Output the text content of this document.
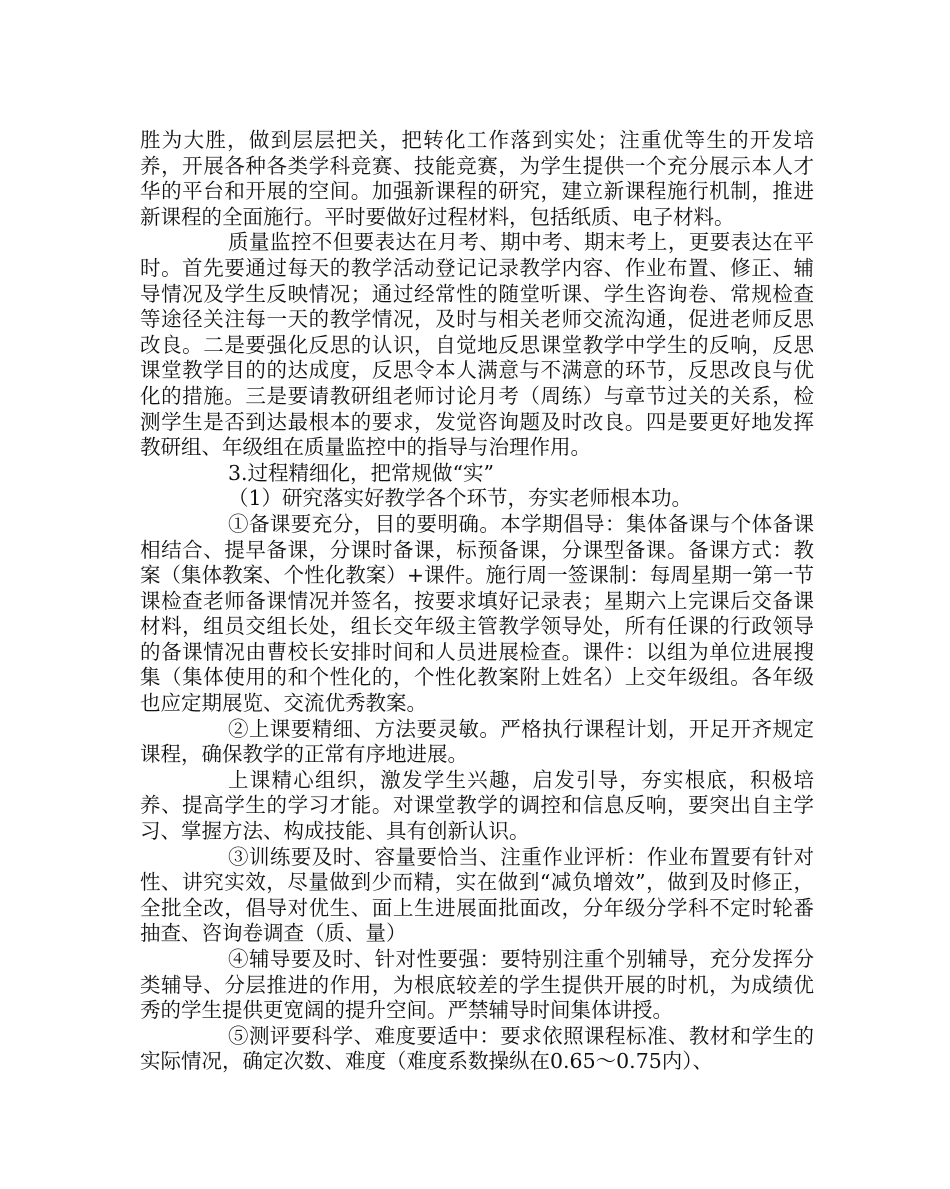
胜为大胜，做到层层把关，把转化工作落到实处；注重优等生的开发培养，开展各种各类学科竞赛、技能竞赛，为学生提供一个充分展示本人才华的平台和开展的空间。加强新课程的研究，建立新课程施行机制，推进新课程的全面施行。平时要做好过程材料，包括纸质、电子材料。

质量监控不但要表达在月考、期中考、期末考上，更要表达在平时。首先要通过每天的教学活动登记记录教学内容、作业布置、修正、辅导情况及学生反映情况；通过经常性的随堂听课、学生咨询卷、常规检查等途径关注每一天的教学情况，及时与相关老师交流沟通，促进老师反思改良。二是要强化反思的认识，自觉地反思课堂教学中学生的反响，反思课堂教学目的的达成度，反思令本人满意与不满意的环节，反思改良与优化的措施。三是要请教研组老师讨论月考（周练）与章节过关的关系，检测学生是否到达最根本的要求，发觉咨询题及时改良。四是要更好地发挥教研组、年级组在质量监控中的指导与治理作用。

3.过程精细化，把常规做“实”

（1）研究落实好教学各个环节，夯实老师根本功。

①备课要充分，目的要明确。本学期倡导：集体备课与个体备课相结合、提早备课，分课时备课，标预备课，分课型备课。备课方式：教案（集体教案、个性化教案）+课件。施行周一签课制：每周星期一第一节课检查老师备课情况并签名，按要求填好记录表；星期六上完课后交备课材料，组员交组长处，组长交年级主管教学领导处，所有任课的行政领导的备课情况由曹校长安排时间和人员进展检查。课件：以组为单位进展搜集（集体使用的和个性化的，个性化教案附上姓名）上交年级组。各年级也应定期展览、交流优秀教案。

②上课要精细、方法要灵敏。严格执行课程计划，开足开齐规定课程，确保教学的正常有序地进展。

上课精心组织，激发学生兴趣，启发引导，夯实根底，积极培养、提高学生的学习才能。对课堂教学的调控和信息反响，要突出自主学习、掌握方法、构成技能、具有创新认识。

③训练要及时、容量要恰当、注重作业评析：作业布置要有针对性、讲究实效，尽量做到少而精，实在做到“减负增效”，做到及时修正，全批全改，倡导对优生、面上生进展面批面改，分年级分学科不定时轮番抽查、咨询卷调查（质、量）

④辅导要及时、针对性要强：要特别注重个别辅导，充分发挥分类辅导、分层推进的作用，为根底较差的学生提供开展的时机，为成绩优秀的学生提供更宽阔的提升空间。严禁辅导时间集体讲授。

⑤测评要科学、难度要适中：要求依照课程标准、教材和学生的实际情况，确定次数、难度（难度系数操纵在0.65～0.75内）、
